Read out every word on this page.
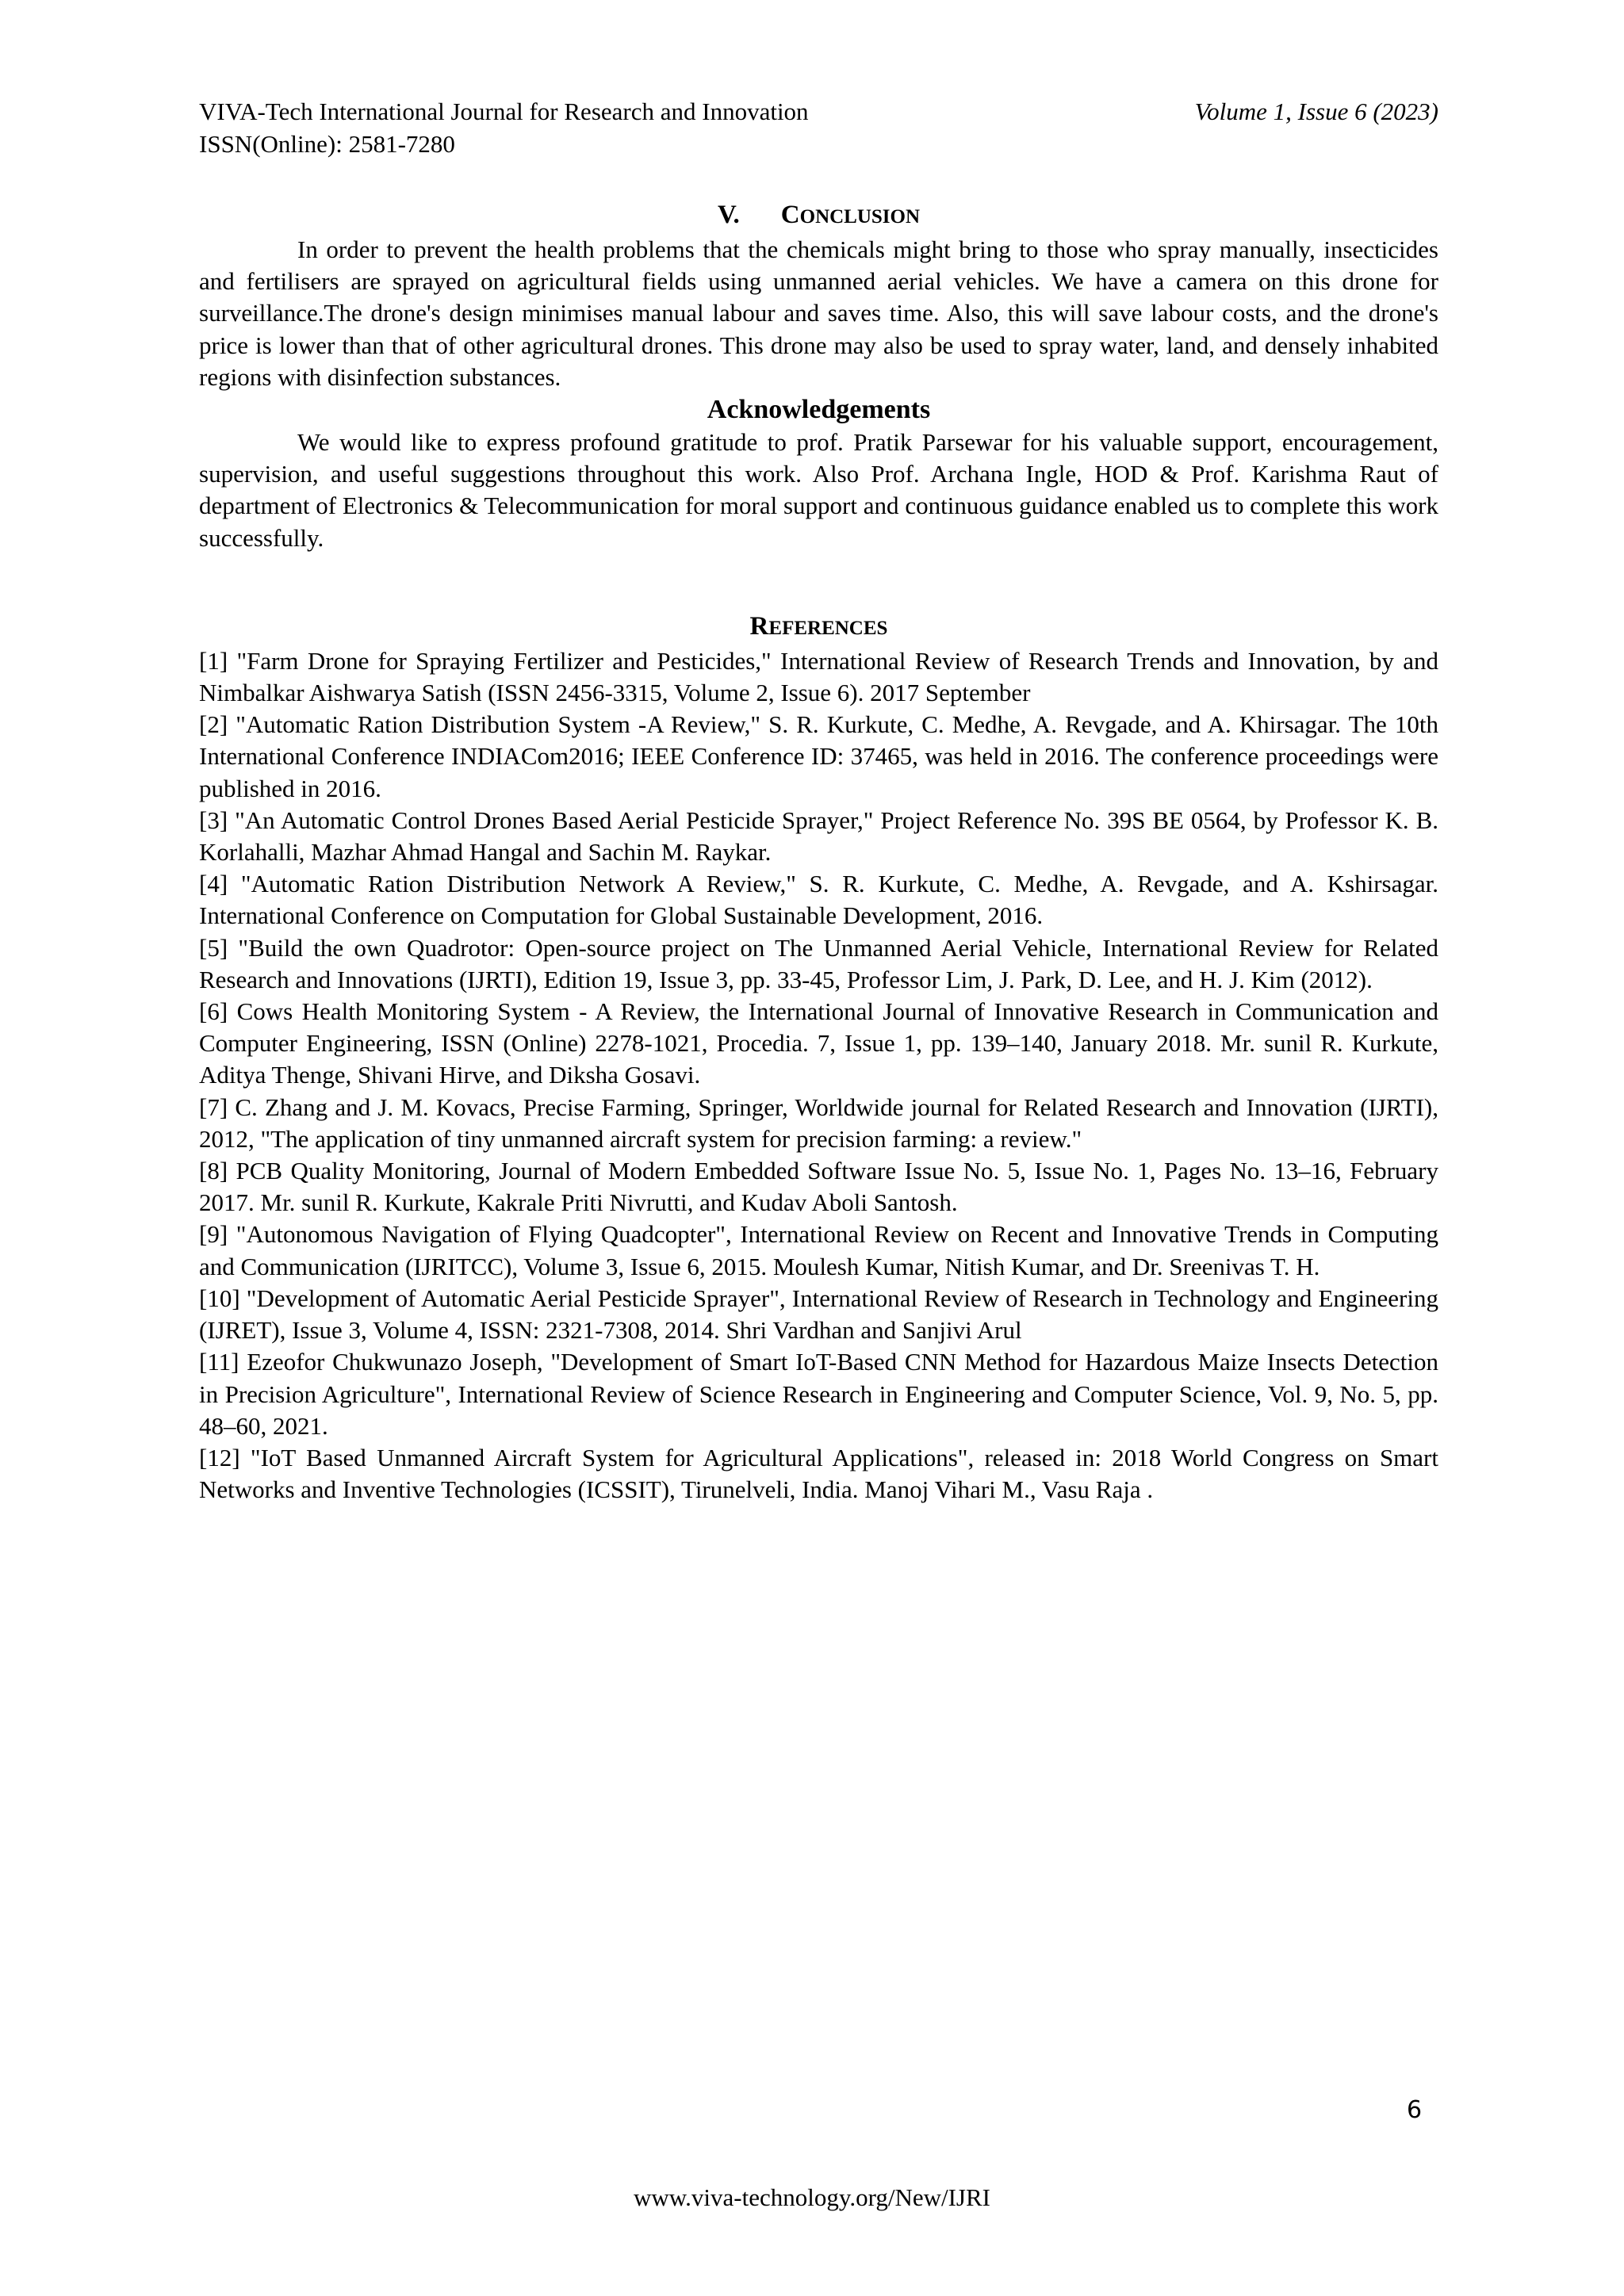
VIVA-Tech International Journal for Research and Innovation	Volume 1, Issue 6 (2023)
ISSN(Online): 2581-7280
V. CONCLUSION

In order to prevent the health problems that the chemicals might bring to those who spray manually, insecticides and fertilisers are sprayed on agricultural fields using unmanned aerial vehicles. We have a camera on this drone for surveillance.The drone's design minimises manual labour and saves time. Also, this will save labour costs, and the drone's price is lower than that of other agricultural drones. This drone may also be used to spray water, land, and densely inhabited regions with disinfection substances.

Acknowledgements

We would like to express profound gratitude to prof. Pratik Parsewar for his valuable support, encouragement, supervision, and useful suggestions throughout this work. Also Prof. Archana Ingle, HOD & Prof. Karishma Raut of department of Electronics & Telecommunication for moral support and continuous guidance enabled us to complete this work successfully.

REFERENCES

[1] "Farm Drone for Spraying Fertilizer and Pesticides," International Review of Research Trends and Innovation, by and Nimbalkar Aishwarya Satish (ISSN 2456-3315, Volume 2, Issue 6). 2017 September

[2] "Automatic Ration Distribution System -A Review," S. R. Kurkute, C. Medhe, A. Revgade, and A. Khirsagar. The 10th International Conference INDIACom2016; IEEE Conference ID: 37465, was held in 2016. The conference proceedings were published in 2016.

[3] "An Automatic Control Drones Based Aerial Pesticide Sprayer," Project Reference No. 39S BE 0564, by Professor K. B. Korlahalli, Mazhar Ahmad Hangal and Sachin M. Raykar.

[4] "Automatic Ration Distribution Network A Review," S. R. Kurkute, C. Medhe, A. Revgade, and A. Kshirsagar. International Conference on Computation for Global Sustainable Development, 2016.

[5] "Build the own Quadrotor: Open-source project on The Unmanned Aerial Vehicle, International Review for Related Research and Innovations (IJRTI), Edition 19, Issue 3, pp. 33-45, Professor Lim, J. Park, D. Lee, and H. J. Kim (2012).

[6] Cows Health Monitoring System - A Review, the International Journal of Innovative Research in Communication and Computer Engineering, ISSN (Online) 2278-1021, Procedia. 7, Issue 1, pp. 139–140, January 2018. Mr. sunil R. Kurkute, Aditya Thenge, Shivani Hirve, and Diksha Gosavi.

[7] C. Zhang and J. M. Kovacs, Precise Farming, Springer, Worldwide journal for Related Research and Innovation (IJRTI), 2012, "The application of tiny unmanned aircraft system for precision farming: a review."

[8] PCB Quality Monitoring, Journal of Modern Embedded Software Issue No. 5, Issue No. 1, Pages No. 13–16, February 2017. Mr. sunil R. Kurkute, Kakrale Priti Nivrutti, and Kudav Aboli Santosh.

[9] "Autonomous Navigation of Flying Quadcopter", International Review on Recent and Innovative Trends in Computing and Communication (IJRITCC), Volume 3, Issue 6, 2015. Moulesh Kumar, Nitish Kumar, and Dr. Sreenivas T. H.

[10] "Development of Automatic Aerial Pesticide Sprayer", International Review of Research in Technology and Engineering (IJRET), Issue 3, Volume 4, ISSN: 2321-7308, 2014. Shri Vardhan and Sanjivi Arul

[11] Ezeofor Chukwunazo Joseph, "Development of Smart IoT-Based CNN Method for Hazardous Maize Insects Detection in Precision Agriculture", International Review of Science Research in Engineering and Computer Science, Vol. 9, No. 5, pp. 48–60, 2021.

[12] "IoT Based Unmanned Aircraft System for Agricultural Applications", released in: 2018 World Congress on Smart Networks and Inventive Technologies (ICSSIT), Tirunelveli, India. Manoj Vihari M., Vasu Raja .

6
www.viva-technology.org/New/IJRI
